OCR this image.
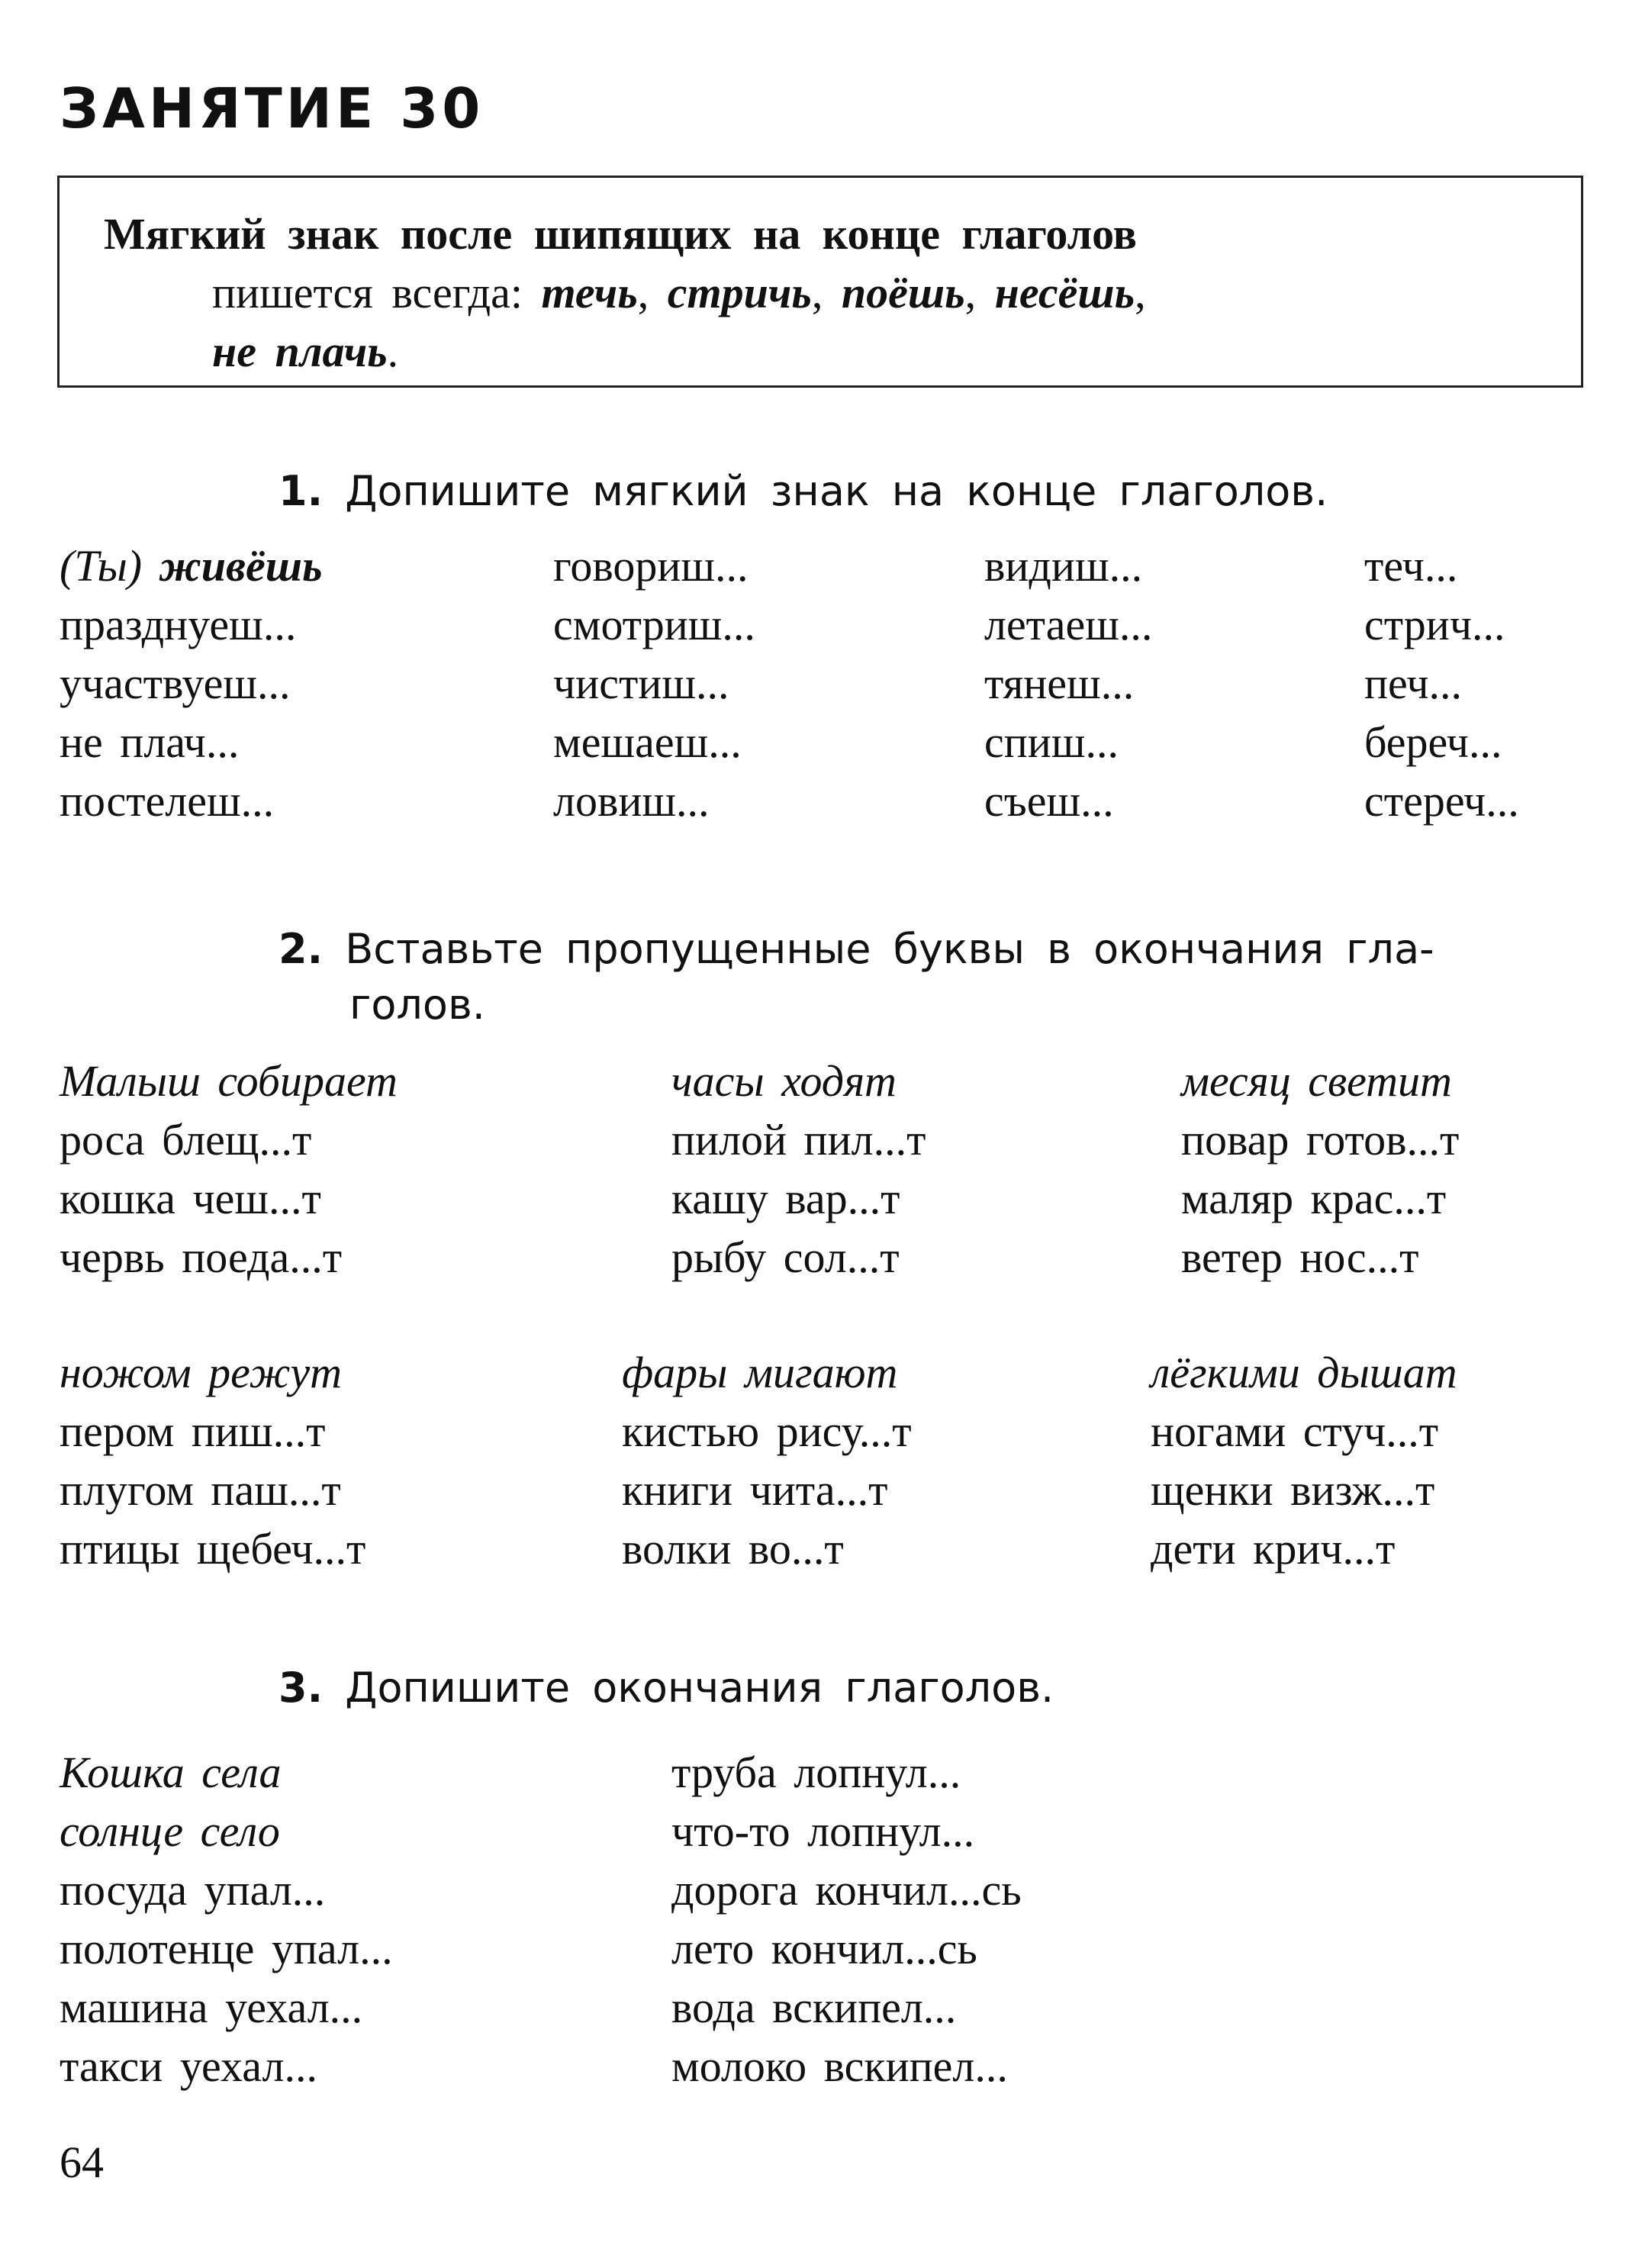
ЗАНЯТИЕ 30
Мягкий знак после шипящих на конце глаголов
пишется всегда: течь, стричь, поёшь, несёшь,
не плачь.
1. Допишите мягкий знак на конце глаголов.
(Ты) живёшь
празднуеш...
участвуеш...
не плач...
постелеш...
говориш...
смотриш...
чистиш...
мешаеш...
ловиш...
видиш...
летаеш...
тянеш...
спиш...
съеш...
теч...
стрич...
печ...
береч...
стереч...
2. Вставьте пропущенные буквы в окончания гла-
голов.
Малыш собирает
роса блещ...т
кошка чеш...т
червь поеда...т
часы ходят
пилой пил...т
кашу вар...т
рыбу сол...т
месяц светит
повар готов...т
маляр крас...т
ветер нос...т
ножом режут
пером пиш...т
плугом паш...т
птицы щебеч...т
фары мигают
кистью рису...т
книги чита...т
волки во...т
лёгкими дышат
ногами стуч...т
щенки визж...т
дети крич...т
3. Допишите окончания глаголов.
Кошка села
солнце село
посуда упал...
полотенце упал...
машина уехал...
такси уехал...
труба лопнул...
что-то лопнул...
дорога кончил...сь
лето кончил...сь
вода вскипел...
молоко вскипел...
64
